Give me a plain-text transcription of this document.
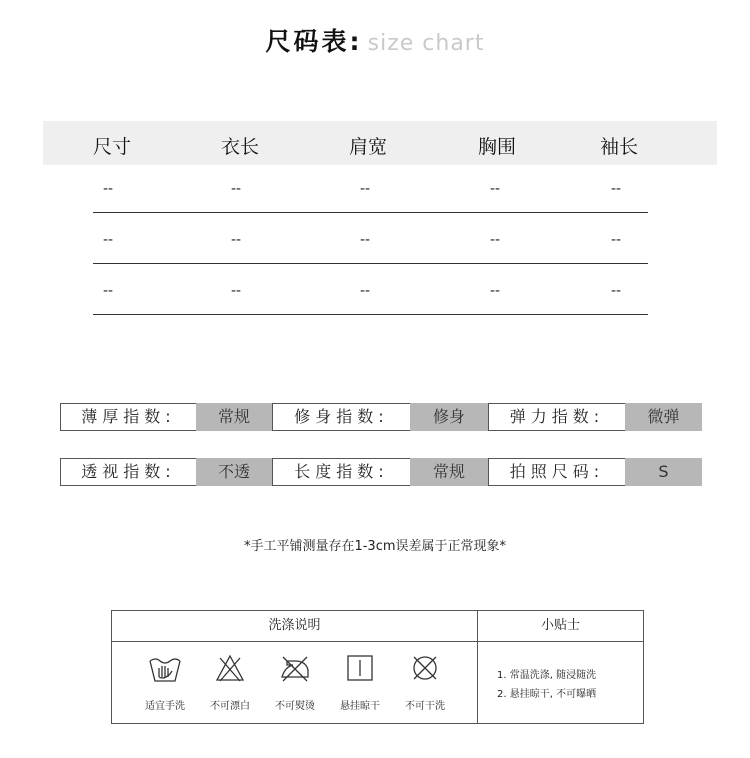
尺码表: size chart
尺寸	衣长	肩宽	胸围	袖长
--	--	--	--	--
--	--	--	--	--
--	--	--	--	--
薄厚指数:	常规	修身指数:	修身	弹力指数:	微弹
透视指数:	不透	长度指数:	常规	拍照尺码:	S
*手工平铺测量存在1-3cm误差属于正常现象*
洗涤说明	小贴士
适宜手洗	不可漂白	不可熨烫	悬挂晾干	不可干洗
1. 常温洗涤, 随浸随洗
2. 悬挂晾干, 不可曝晒
